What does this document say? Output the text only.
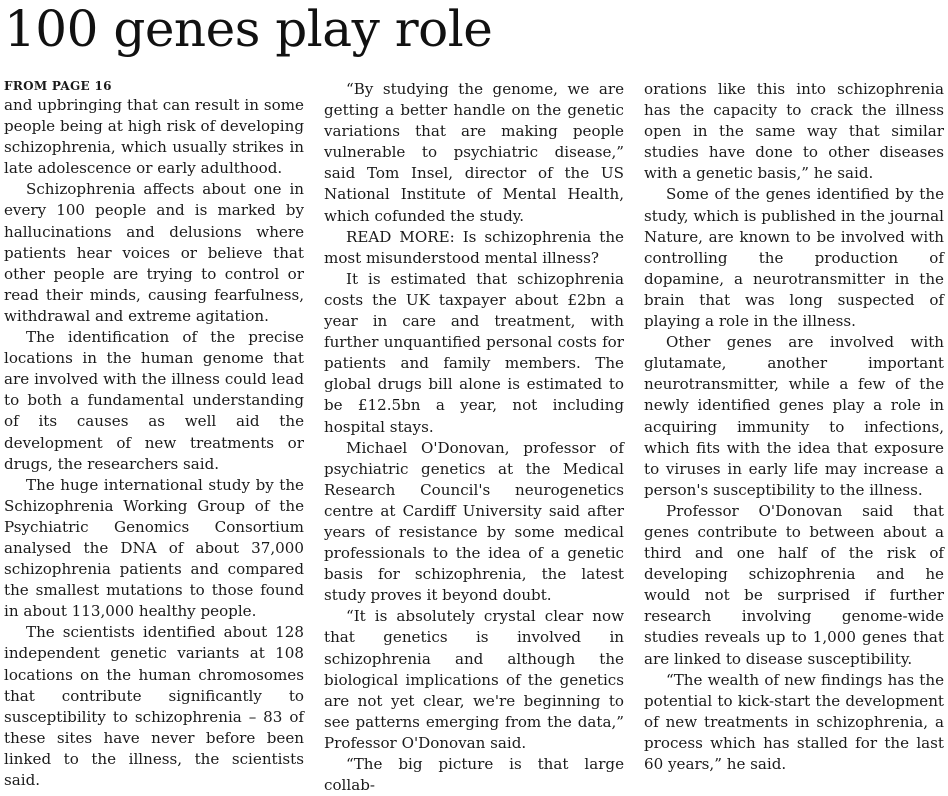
100 genes play role
FROM PAGE 16

and upbringing that can result in some people being at high risk of developing schizophrenia, which usually strikes in late adolescence or early adulthood.

Schizophrenia affects about one in every 100 people and is marked by hallucinations and delusions where patients hear voices or believe that other people are trying to control or read their minds, causing fearfulness, withdrawal and extreme agitation.

The identification of the precise locations in the human genome that are involved with the illness could lead to both a fundamental understanding of its causes as well aid the development of new treatments or drugs, the researchers said.

The huge international study by the Schizophrenia Working Group of the Psychiatric Genomics Consortium analysed the DNA of about 37,000 schizophrenia patients and compared the smallest mutations to those found in about 113,000 healthy people.

The scientists identified about 128 independent genetic variants at 108 locations on the human chromosomes that contribute significantly to susceptibility to schizophrenia – 83 of these sites have never before been linked to the illness, the scientists said.

“By studying the genome, we are getting a better handle on the genetic variations that are making people vulnerable to psychiatric disease,” said Tom Insel, director of the US National Institute of Mental Health, which cofunded the study.

READ MORE: Is schizophrenia the most misunderstood mental illness?

It is estimated that schizophrenia costs the UK taxpayer about £2bn a year in care and treatment, with further unquantified personal costs for patients and family members. The global drugs bill alone is estimated to be £12.5bn a year, not including hospital stays.

Michael O'Donovan, professor of psychiatric genetics at the Medical Research Council's neurogenetics centre at Cardiff University said after years of resistance by some medical professionals to the idea of a genetic basis for schizophrenia, the latest study proves it beyond doubt.

“It is absolutely crystal clear now that genetics is involved in schizophrenia and although the biological implications of the genetics are not yet clear, we're beginning to see patterns emerging from the data,” Professor O'Donovan said.

“The big picture is that large collab-

orations like this into schizophrenia has the capacity to crack the illness open in the same way that similar studies have done to other diseases with a genetic basis,” he said.

Some of the genes identified by the study, which is published in the journal Nature, are known to be involved with controlling the production of dopamine, a neurotransmitter in the brain that was long suspected of playing a role in the illness.

Other genes are involved with glutamate, another important neurotransmitter, while a few of the newly identified genes play a role in acquiring immunity to infections, which fits with the idea that exposure to viruses in early life may increase a person's susceptibility to the illness.

Professor O'Donovan said that genes contribute to between about a third and one half of the risk of developing schizophrenia and he would not be surprised if further research involving genome-wide studies reveals up to 1,000 genes that are linked to disease susceptibility.

“The wealth of new findings has the potential to kick-start the development of new treatments in schizophrenia, a process which has stalled for the last 60 years,” he said.
